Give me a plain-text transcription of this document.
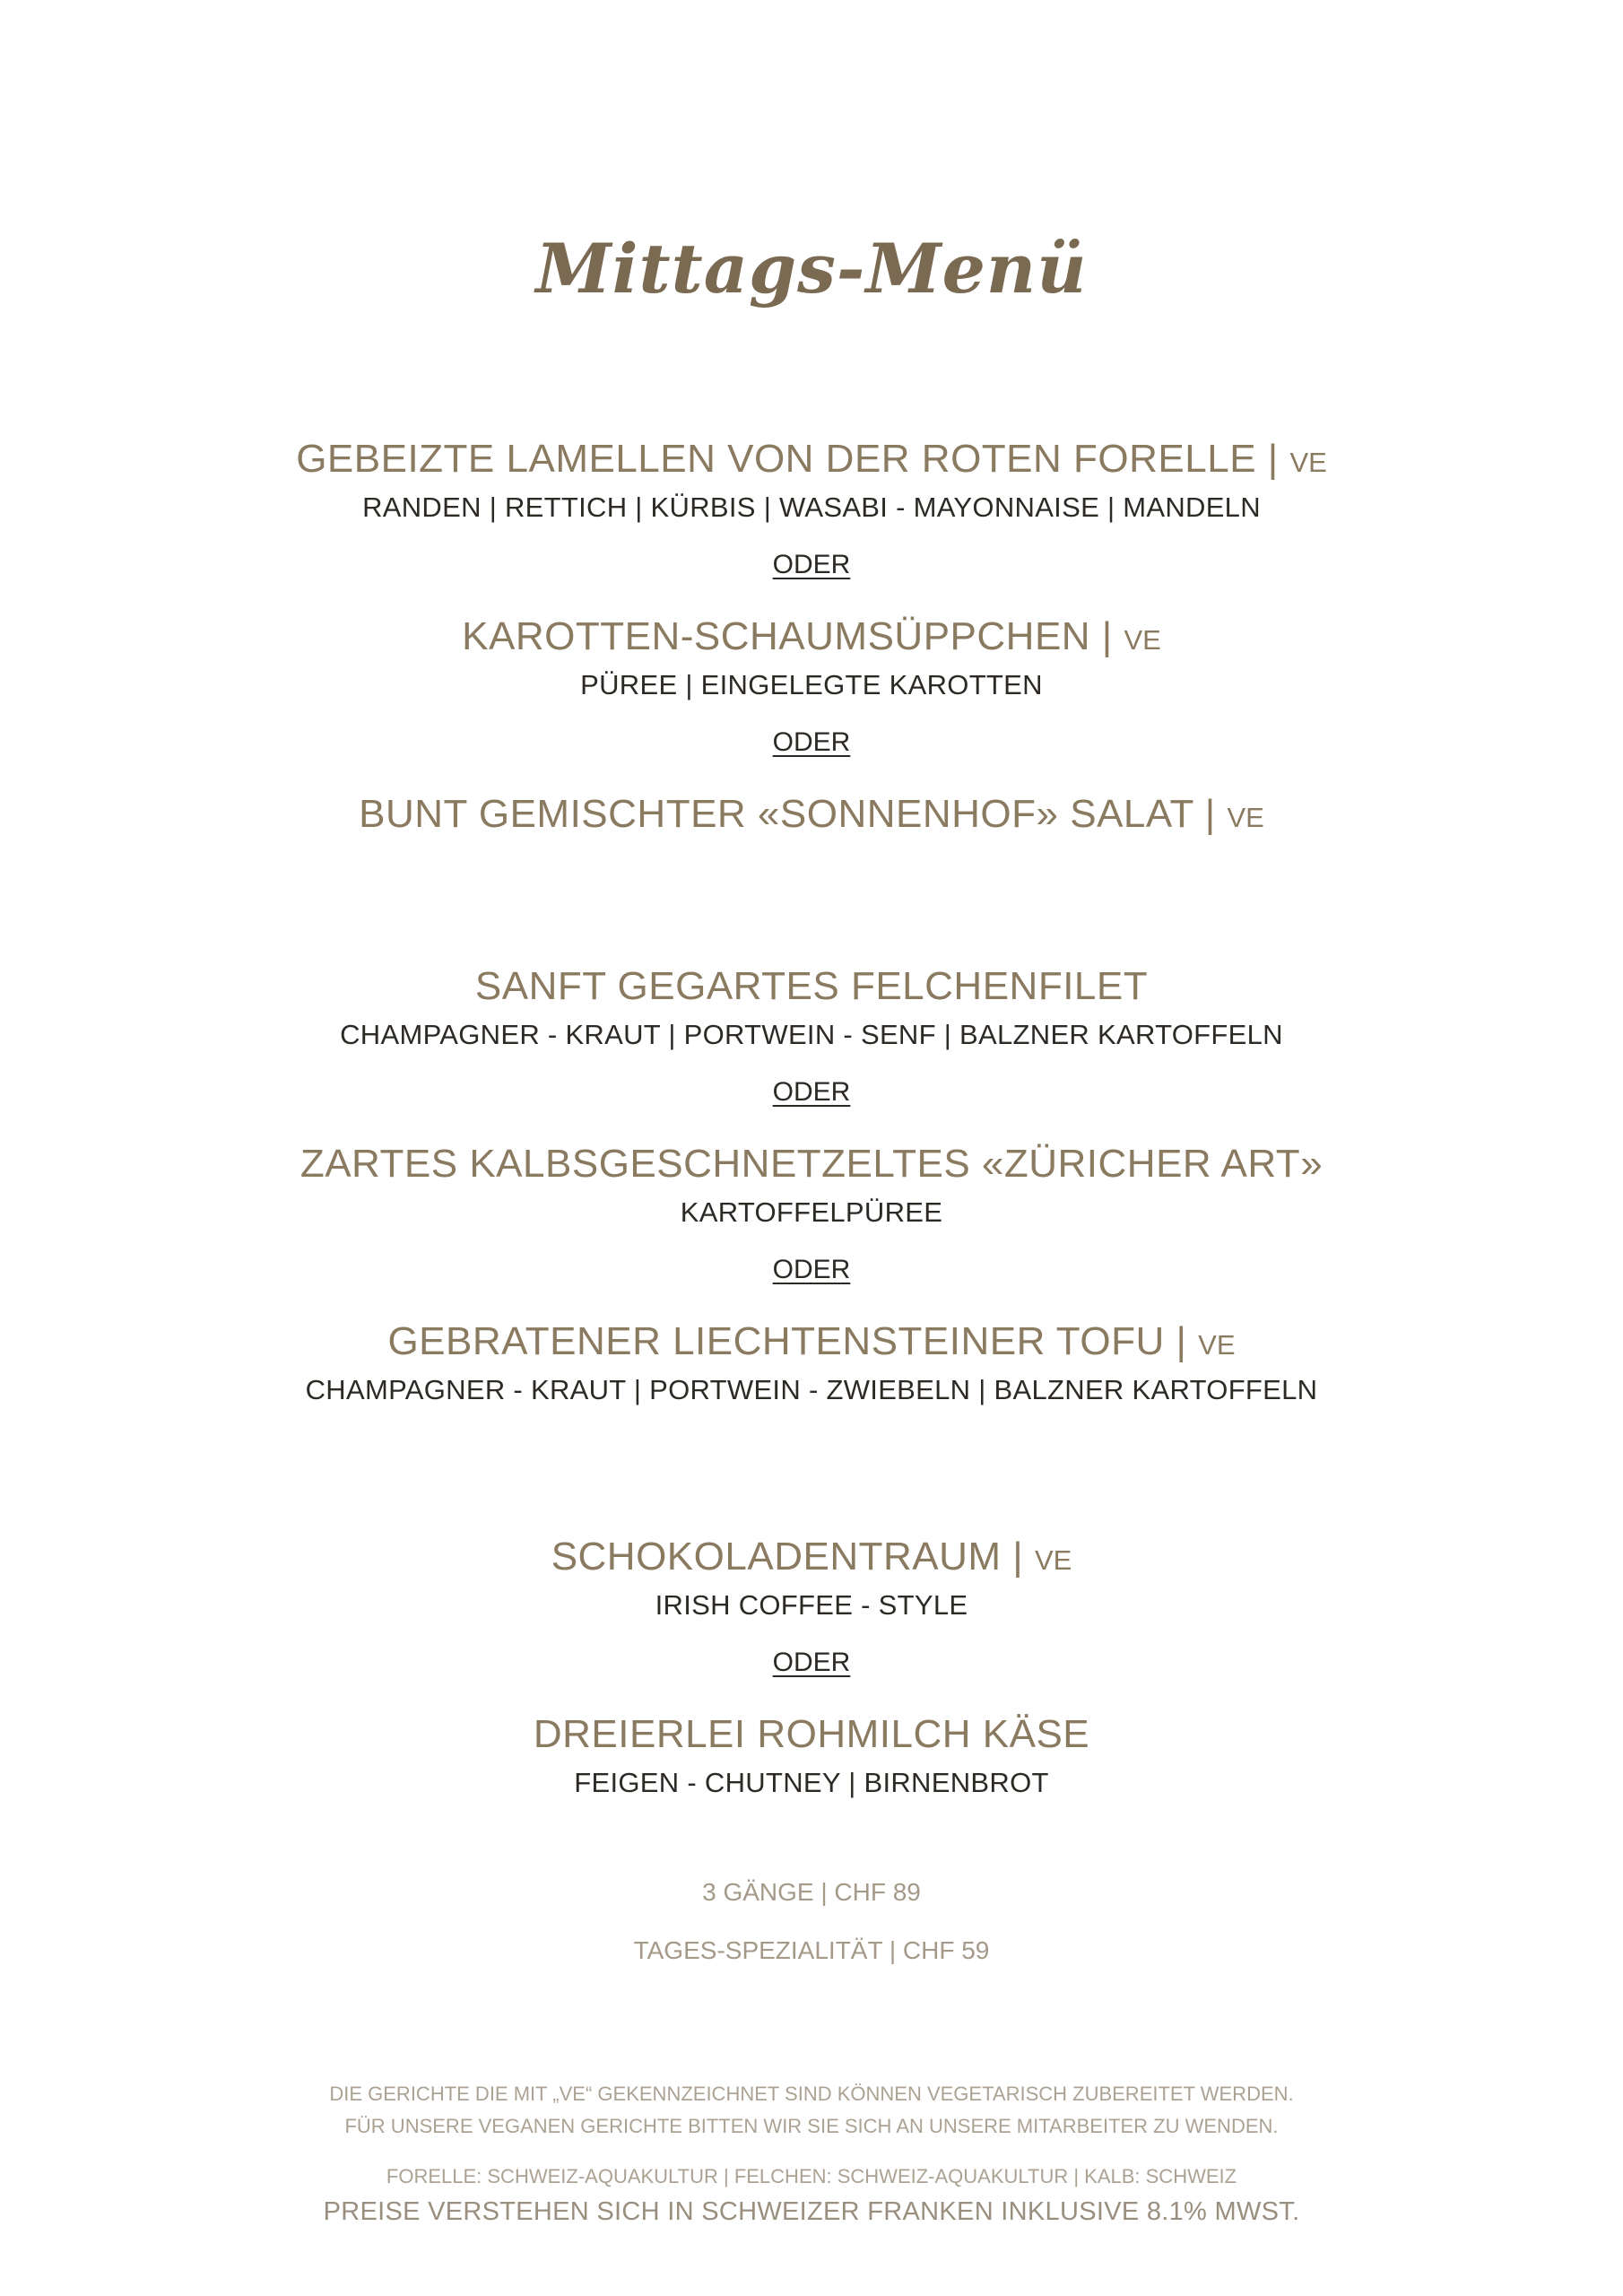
Mittags-Menü
GEBEIZTE LAMELLEN VON DER ROTEN FORELLE | VE
RANDEN | RETTICH | KÜRBIS | WASABI - MAYONNAISE | MANDELN
ODER
KAROTTEN-SCHAUMSÜPPCHEN | VE
PÜREE | EINGELEGTE KAROTTEN
ODER
BUNT GEMISCHTER «SONNENHOF» SALAT | VE
SANFT GEGARTES FELCHENFILET
CHAMPAGNER - KRAUT | PORTWEIN - SENF | BALZNER KARTOFFELN
ODER
ZARTES KALBSGESCHNETZELTES «ZÜRICHER ART»
KARTOFFELPÜREE
ODER
GEBRATENER LIECHTENSTEINER TOFU | VE
CHAMPAGNER - KRAUT | PORTWEIN - ZWIEBELN | BALZNER KARTOFFELN
SCHOKOLADENTRAUM | VE
IRISH COFFEE - STYLE
ODER
DREIERLEI ROHMILCH KÄSE
FEIGEN - CHUTNEY | BIRNENBROT
3 GÄNGE | CHF 89
TAGES-SPEZIALITÄT | CHF 59
DIE GERICHTE DIE MIT „VE“ GEKENNZEICHNET SIND KÖNNEN VEGETARISCH ZUBEREITET WERDEN.
FÜR UNSERE VEGANEN GERICHTE BITTEN WIR SIE SICH AN UNSERE MITARBEITER ZU WENDEN.
FORELLE: SCHWEIZ-AQUAKULTUR | FELCHEN: SCHWEIZ-AQUAKULTUR | KALB: SCHWEIZ
PREISE VERSTEHEN SICH IN SCHWEIZER FRANKEN INKLUSIVE 8.1% MWST.
